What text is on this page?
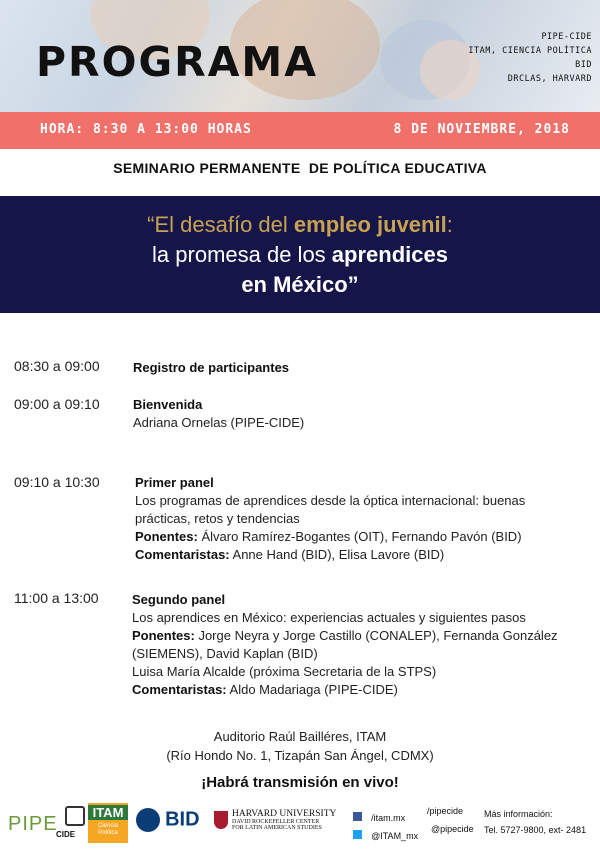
PROGRAMA
PIPE-CIDE
ITAM, CIENCIA POLÍTICA
BID
DRCLAS, HARVARD
HORA: 8:30 A 13:00 HORAS	8 DE NOVIEMBRE, 2018
SEMINARIO PERMANENTE  DE POLÍTICA EDUCATIVA
“El desafío del empleo juvenil:
la promesa de los aprendices
en México”
08:30 a 09:00	Registro de participantes
09:00 a 09:10	Bienvenida
Adriana Ornelas (PIPE-CIDE)
09:10 a 10:30	Primer panel
Los programas de aprendices desde la óptica internacional: buenas prácticas, retos y tendencias
Ponentes: Álvaro Ramírez-Bogantes (OIT), Fernando Pavón (BID)
Comentaristas: Anne Hand (BID), Elisa Lavore (BID)
11:00 a 13:00	Segundo panel
Los aprendices en México: experiencias actuales y siguientes pasos
Ponentes: Jorge Neyra y Jorge Castillo (CONALEP), Fernanda González (SIEMENS), David Kaplan (BID)
Luisa María Alcalde (próxima Secretaria de la STPS)
Comentaristas: Aldo Madariaga (PIPE-CIDE)
Auditorio Raúl Bailléres, ITAM
(Río Hondo No. 1, Tizapán San Ángel, CDMX)
¡Habrá transmisión en vivo!
PIPE
CIDE
ITAM
Ciencia Política
BID	HARVARD UNIVERSITY
DAVID ROCKEFELLER CENTER
FOR LATIN AMERICAN STUDIES
/itam.mx
/pipecide
@ITAM_mx
@pipecide
Más información:
Tel. 5727-9800, ext- 2481
